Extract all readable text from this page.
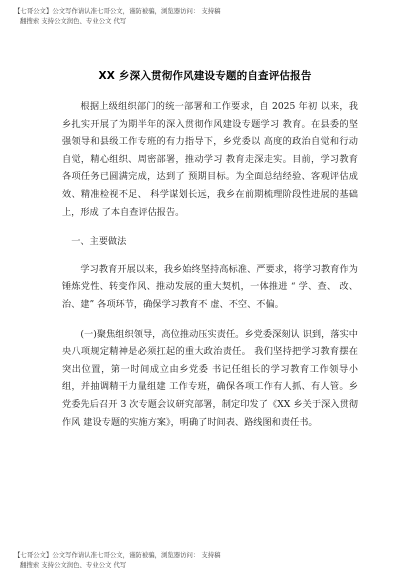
【七哥公文】公文写作请认准七哥公文，谨防被骗，浏览器访问： 支持稿
翻搜索 支持公文润色、专业公文 代写
XX 乡深入贯彻作风建设专题的自查评估报告

根据上级组织部门的统一部署和工作要求，自 2025 年初 以来，我乡扎实开展了为期半年的深入贯彻作风建设专题学习 教育。在县委的坚强领导和县级工作专班的有力指导下，乡党委以 高度的政治自觉和行动自觉，精心组织、周密部署，推动学习 教育走深走实。目前，学习教育各项任务已圆满完成，达到了 预期目标。为全面总结经验、客观评估成效、精准检视不足、 科学谋划长远，我乡在前期梳理阶段性进展的基础上，形成 了本自查评估报告。

一、主要做法

学习教育开展以来，我乡始终坚持高标准、严要求，将学习教育作为锤炼党性、转变作风、推动发展的重大契机，一体推进 “ 学、查、 改、治、建” 各项环节，确保学习教育不 虚、不空、不偏。

(一)聚焦组织领导，高位推动压实责任。乡党委深刻认 识到，落实中央八项规定精神是必须扛起的重大政治责任。 我们坚持把学习教育摆在突出位置，第一时间成立由乡党委 书记任组长的学习教育工作领导小组，并抽调精干力量组建 工作专班，确保各项工作有人抓、有人管。乡党委先后召开 3 次专题会议研究部署，制定印发了《XX 乡关于深入贯彻作风 建设专题的实施方案》，明确了时间表、路线图和责任书。

【七哥公文】公文写作请认准七哥公文，谨防被骗，浏览器访问： 支持稿
翻搜索 支持公文润色、专业公文 代写
